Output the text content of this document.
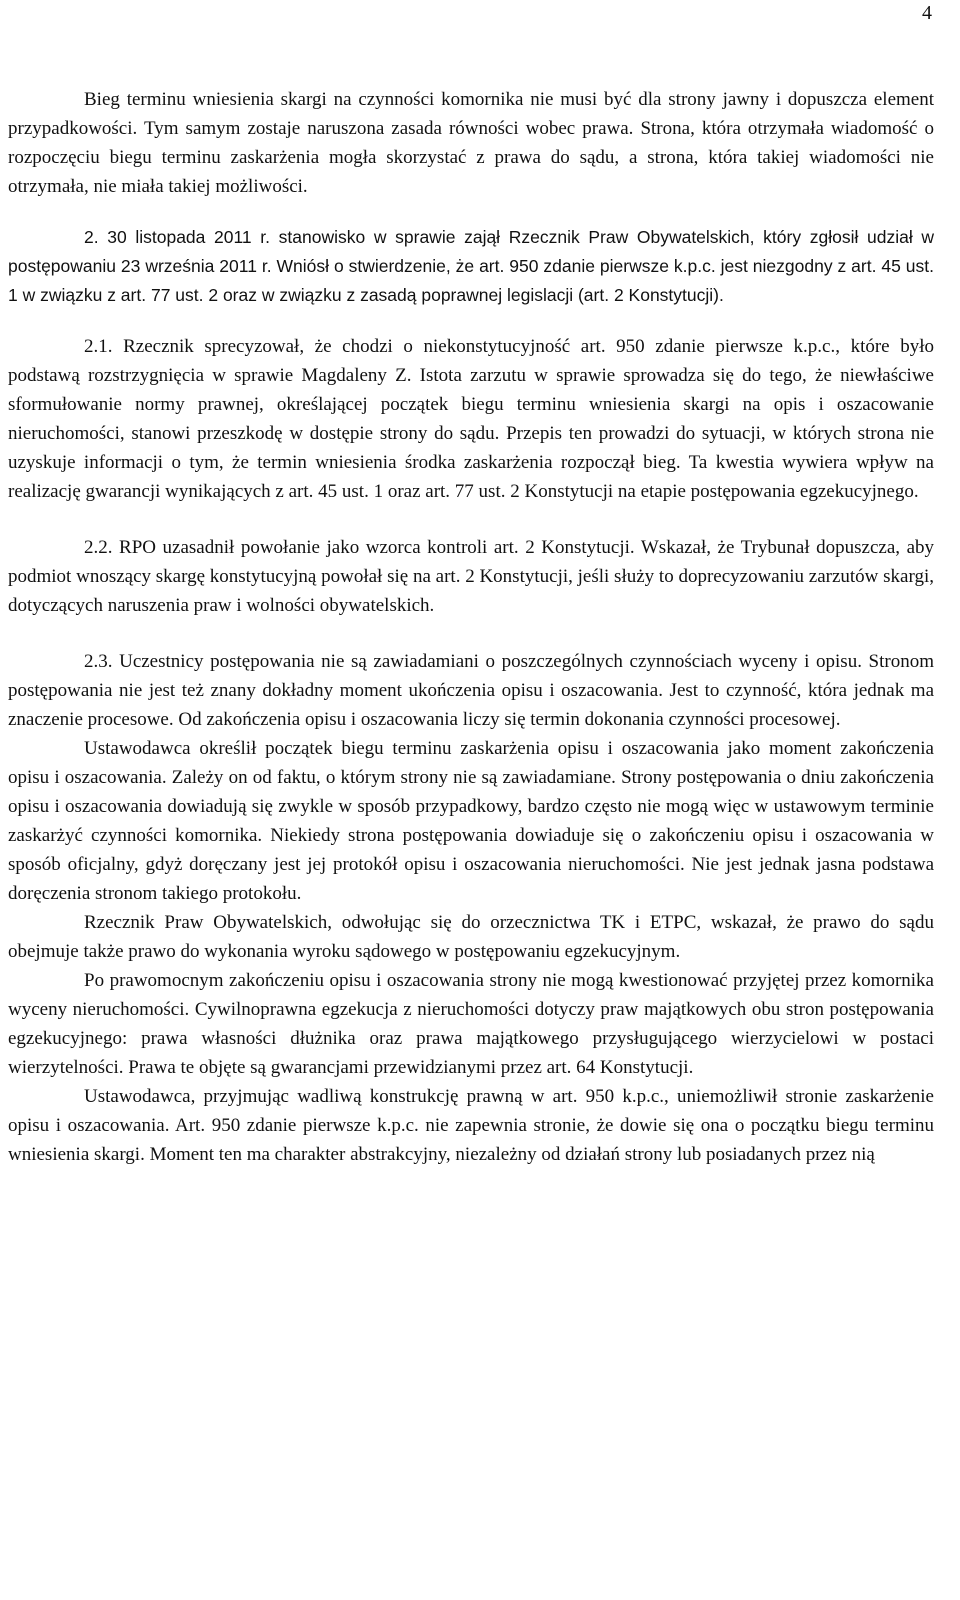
4

Bieg terminu wniesienia skargi na czynności komornika nie musi być dla strony jawny i dopuszcza element przypadkowości. Tym samym zostaje naruszona zasada równości wobec prawa. Strona, która otrzymała wiadomość o rozpoczęciu biegu terminu zaskarżenia mogła skorzystać z prawa do sądu, a strona, która takiej wiadomości nie otrzymała, nie miała takiej możliwości.

2. 30 listopada 2011 r. stanowisko w sprawie zajął Rzecznik Praw Obywatelskich, który zgłosił udział w postępowaniu 23 września 2011 r. Wniósł o stwierdzenie, że art. 950 zdanie pierwsze k.p.c. jest niezgodny z art. 45 ust. 1 w związku z art. 77 ust. 2 oraz w związku z zasadą poprawnej legislacji (art. 2 Konstytucji).

2.1. Rzecznik sprecyzował, że chodzi o niekonstytucyjność art. 950 zdanie pierwsze k.p.c., które było podstawą rozstrzygnięcia w sprawie Magdaleny Z. Istota zarzutu w sprawie sprowadza się do tego, że niewłaściwe sformułowanie normy prawnej, określającej początek biegu terminu wniesienia skargi na opis i oszacowanie nieruchomości, stanowi przeszkodę w dostępie strony do sądu. Przepis ten prowadzi do sytuacji, w których strona nie uzyskuje informacji o tym, że termin wniesienia środka zaskarżenia rozpoczął bieg. Ta kwestia wywiera wpływ na realizację gwarancji wynikających z art. 45 ust. 1 oraz art. 77 ust. 2 Konstytucji na etapie postępowania egzekucyjnego.

2.2. RPO uzasadnił powołanie jako wzorca kontroli art. 2 Konstytucji. Wskazał, że Trybunał dopuszcza, aby podmiot wnoszący skargę konstytucyjną powołał się na art. 2 Konstytucji, jeśli służy to doprecyzowaniu zarzutów skargi, dotyczących naruszenia praw i wolności obywatelskich.

2.3. Uczestnicy postępowania nie są zawiadamiani o poszczególnych czynnościach wyceny i opisu. Stronom postępowania nie jest też znany dokładny moment ukończenia opisu i oszacowania. Jest to czynność, która jednak ma znaczenie procesowe. Od zakończenia opisu i oszacowania liczy się termin dokonania czynności procesowej.

Ustawodawca określił początek biegu terminu zaskarżenia opisu i oszacowania jako moment zakończenia opisu i oszacowania. Zależy on od faktu, o którym strony nie są zawiadamiane. Strony postępowania o dniu zakończenia opisu i oszacowania dowiadują się zwykle w sposób przypadkowy, bardzo często nie mogą więc w ustawowym terminie zaskarżyć czynności komornika. Niekiedy strona postępowania dowiaduje się o zakończeniu opisu i oszacowania w sposób oficjalny, gdyż doręczany jest jej protokół opisu i oszacowania nieruchomości. Nie jest jednak jasna podstawa doręczenia stronom takiego protokołu.

Rzecznik Praw Obywatelskich, odwołując się do orzecznictwa TK i ETPC, wskazał, że prawo do sądu obejmuje także prawo do wykonania wyroku sądowego w postępowaniu egzekucyjnym.

Po prawomocnym zakończeniu opisu i oszacowania strony nie mogą kwestionować przyjętej przez komornika wyceny nieruchomości. Cywilnoprawna egzekucja z nieruchomości dotyczy praw majątkowych obu stron postępowania egzekucyjnego: prawa własności dłużnika oraz prawa majątkowego przysługującego wierzycielowi w postaci wierzytelności. Prawa te objęte są gwarancjami przewidzianymi przez art. 64 Konstytucji.

Ustawodawca, przyjmując wadliwą konstrukcję prawną w art. 950 k.p.c., uniemożliwił stronie zaskarżenie opisu i oszacowania. Art. 950 zdanie pierwsze k.p.c. nie zapewnia stronie, że dowie się ona o początku biegu terminu wniesienia skargi. Moment ten ma charakter abstrakcyjny, niezależny od działań strony lub posiadanych przez nią
